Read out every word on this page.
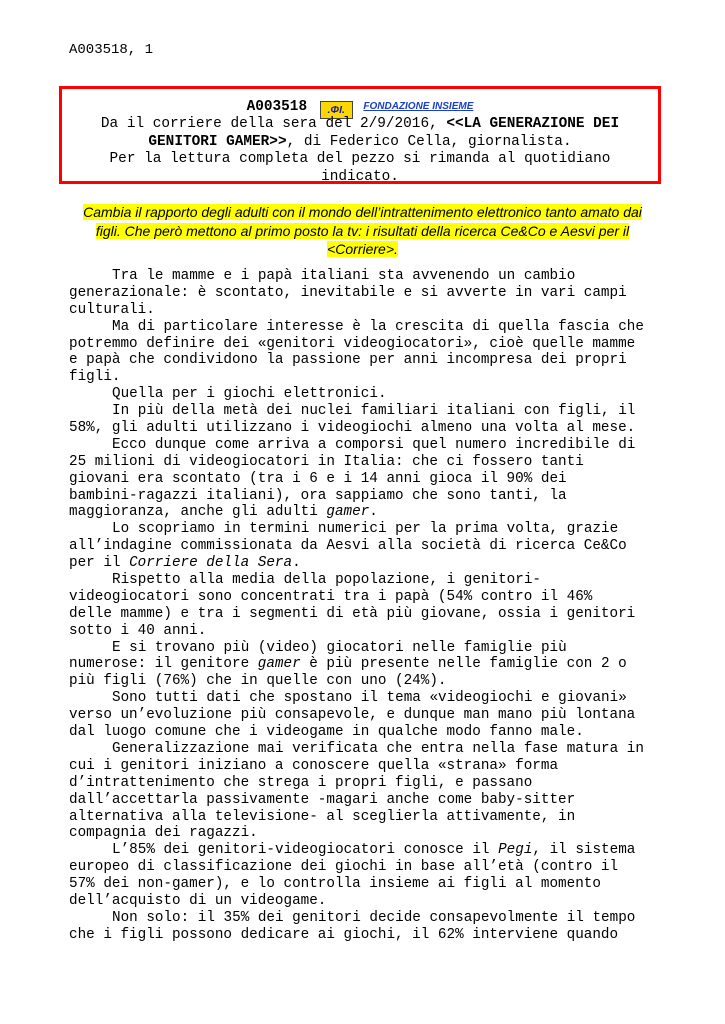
A003518, 1
A003518 .ΦI. FONDAZIONE INSIEME
Da il corriere della sera del 2/9/2016, <<LA GENERAZIONE DEI
GENITORI GAMER>>, di Federico Cella, giornalista.
Per la lettura completa del pezzo si rimanda al quotidiano
indicato.
Cambia il rapporto degli adulti con il mondo dell’intrattenimento elettronico tanto amato dai
figli. Che però mettono al primo posto la tv: i risultati della ricerca Ce&Co e Aesvi per il
<Corriere>.
Tra le mamme e i papà italiani sta avvenendo un cambio
generazionale: è scontato, inevitabile e si avverte in vari campi
culturali.
Ma di particolare interesse è la crescita di quella fascia che
potremmo definire dei «genitori videogiocatori», cioè quelle mamme
e papà che condividono la passione per anni incompresa dei propri
figli.
Quella per i giochi elettronici.
In più della metà dei nuclei familiari italiani con figli, il
58%, gli adulti utilizzano i videogiochi almeno una volta al mese.
Ecco dunque come arriva a comporsi quel numero incredibile di
25 milioni di videogiocatori in Italia: che ci fossero tanti
giovani era scontato (tra i 6 e i 14 anni gioca il 90% dei
bambini-ragazzi italiani), ora sappiamo che sono tanti, la
maggioranza, anche gli adulti gamer.
Lo scopriamo in termini numerici per la prima volta, grazie
all’indagine commissionata da Aesvi alla società di ricerca Ce&Co
per il Corriere della Sera.
Rispetto alla media della popolazione, i genitori-
videogiocatori sono concentrati tra i papà (54% contro il 46%
delle mamme) e tra i segmenti di età più giovane, ossia i genitori
sotto i 40 anni.
E si trovano più (video) giocatori nelle famiglie più
numerose: il genitore gamer è più presente nelle famiglie con 2 o
più figli (76%) che in quelle con uno (24%).
Sono tutti dati che spostano il tema «videogiochi e giovani»
verso un’evoluzione più consapevole, e dunque man mano più lontana
dal luogo comune che i videogame in qualche modo fanno male.
Generalizzazione mai verificata che entra nella fase matura in
cui i genitori iniziano a conoscere quella «strana» forma
d’intrattenimento che strega i propri figli, e passano
dall’accettarla passivamente -magari anche come baby-sitter
alternativa alla televisione- al sceglierla attivamente, in
compagnia dei ragazzi.
L’85% dei genitori-videogiocatori conosce il Pegi, il sistema
europeo di classificazione dei giochi in base all’età (contro il
57% dei non-gamer), e lo controlla insieme ai figli al momento
dell’acquisto di un videogame.
Non solo: il 35% dei genitori decide consapevolmente il tempo
che i figli possono dedicare ai giochi, il 62% interviene quando
